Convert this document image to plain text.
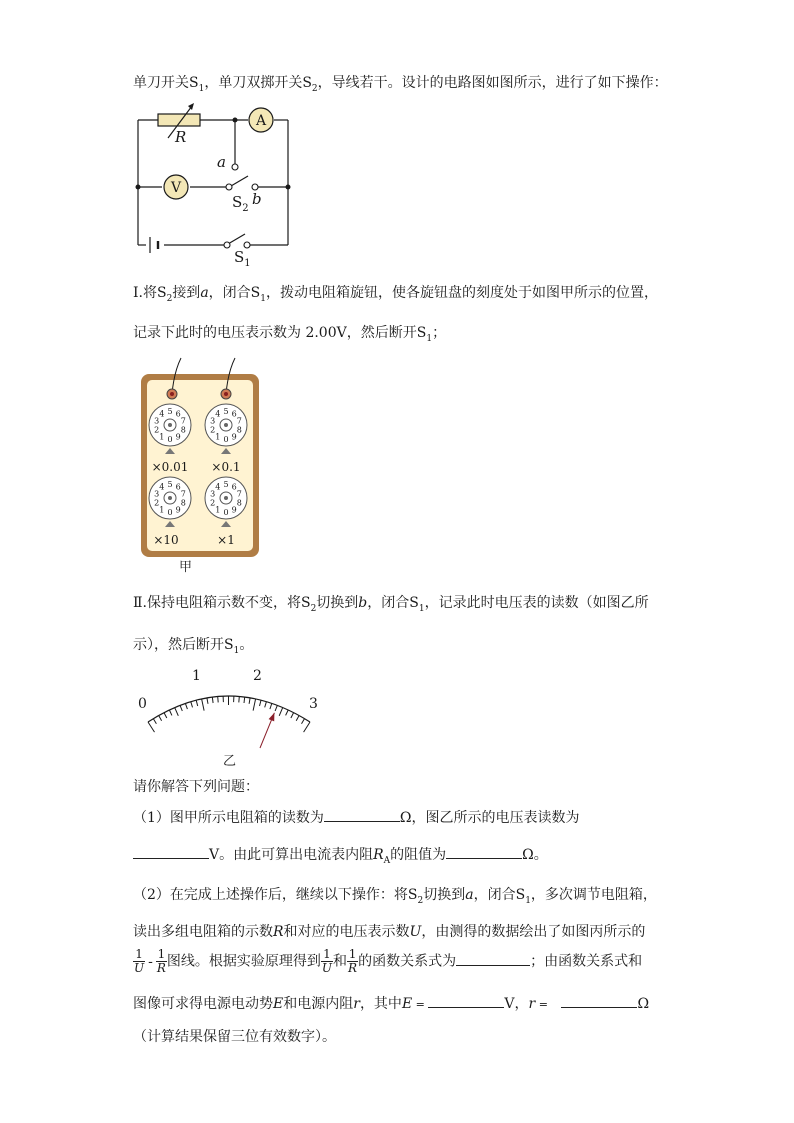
单刀开关$S_1$，单刀双掷开关$S_2$，导线若干。设计的电路图如图所示，进行了如下操作：
A
V
R
a
$S_2$
b
$S_1$
Ⅰ.将$S_2$接到a，闭合$S_1$，拨动电阻箱旋钮，使各旋钮盘的刻度处于如图甲所示的位置，
记录下此时的电压表示数为 2.00V，然后断开$S_1$；
0
1
2
3
4 5 6
7
8
9	0
1
2
3
4 5 6
7
8
9
0
1
2
3
4 5 6
7
8
9	0
1
2
3
4 5 6
7
8
9
×0.01 ×0.1
×10	×1
甲
Ⅱ.保持电阻箱示数不变，将$S_2$切换到b，闭合$S_1$，记录此时电压表的读数（如图乙所
示），然后断开$S_1$。
0
1	2
3
乙
请你解答下列问题：
（1）图甲所示电阻箱的读数为	Ω，图乙所示的电压表读数为
V。由此可算出电流表内阻$R_A$的阻值为	Ω。
（2）在完成上述操作后，继续以下操作：将$S_2$切换到a，闭合$S_1$，多次调节电阻箱，
读出多组电阻箱的示数R和对应的电压表示数U，由测得的数据绘出了如图丙所示的
$\frac{1}{U} - \frac{1}{R}$ 图线。根据实验原理得到 $\frac{1}{U}$ 和 $\frac{1}{R}$ 的函数关系式为	；由函数关系式和
图像可求得电源电动势E和电源内阻r，其中E =	V，r =	Ω
（计算结果保留三位有效数字）。
